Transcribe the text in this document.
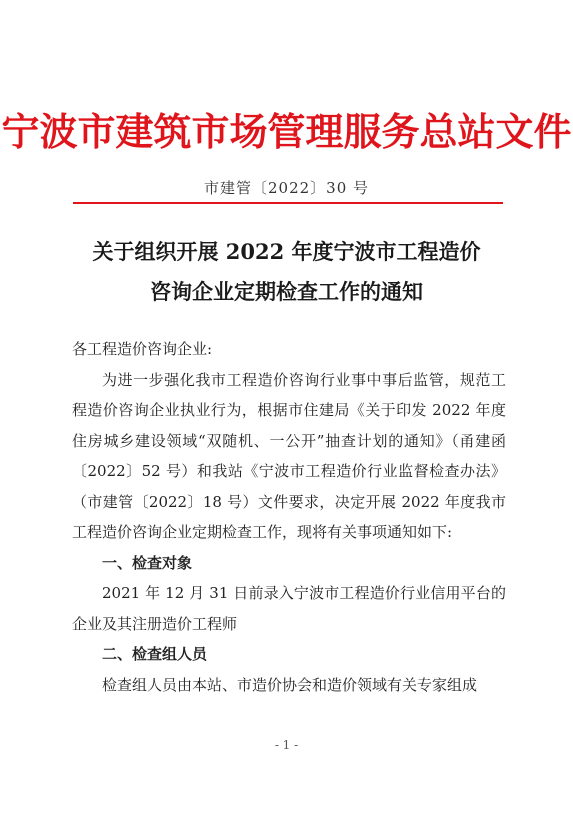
宁波市建筑市场管理服务总站文件
市建管〔2022〕30 号
关于组织开展 2022 年度宁波市工程造价
咨询企业定期检查工作的通知

各工程造价咨询企业:

为进一步强化我市工程造价咨询行业事中事后监管，规范工程造价咨询企业执业行为，根据市住建局《关于印发 2022 年度住房城乡建设领域“双随机、一公开”抽查计划的通知》（甬建函〔2022〕52 号）和我站《宁波市工程造价行业监督检查办法》（市建管〔2022〕18 号）文件要求，决定开展 2022 年度我市工程造价咨询企业定期检查工作，现将有关事项通知如下:

一、检查对象

2021 年 12 月 31 日前录入宁波市工程造价行业信用平台的企业及其注册造价工程师

二、检查组人员

检查组人员由本站、市造价协会和造价领域有关专家组成

- 1 -
